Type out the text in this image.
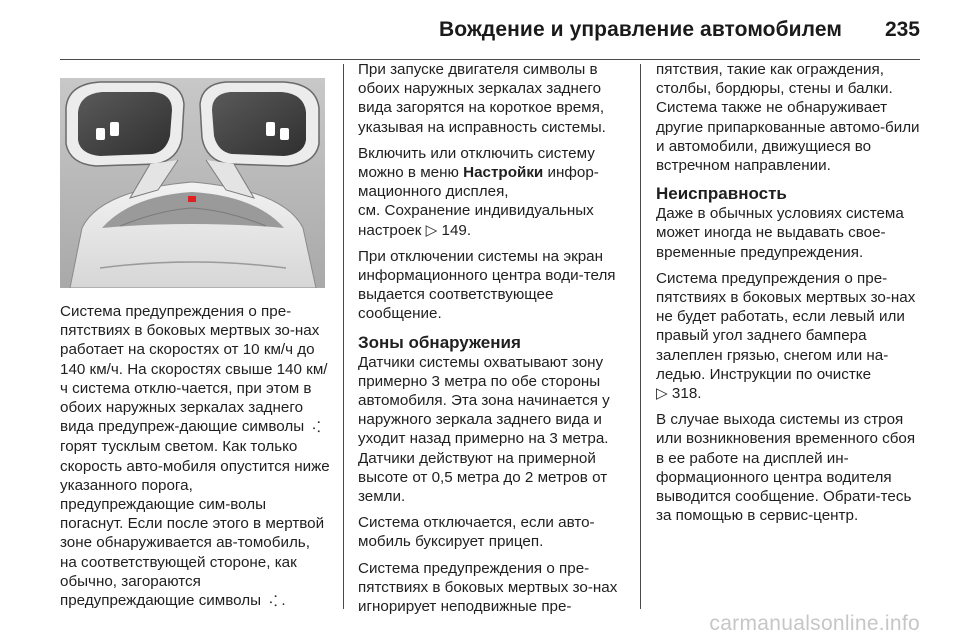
Вождение и управление автомобилем 235

Система предупреждения о пре-пятствиях в боковых мертвых зо-нах работает на скоростях от 10 км/ч до 140 км/ч. На скоростях свыше 140 км/ч система отклю-чается, при этом в обоих наружных зеркалах заднего вида предупреж-дающие символы ⠠⡁ горят тусклым светом. Как только скорость авто-мобиля опустится ниже указанного порога, предупреждающие сим-волы погаснут. Если после этого в мертвой зоне обнаруживается ав-томобиль, на соответствующей стороне, как обычно, загораются предупреждающие символы ⠠⡁.

При запуске двигателя символы в обоих наружных зеркалах заднего вида загорятся на короткое время, указывая на исправность системы.

Включить или отключить систему можно в меню Настройки инфор-мационного дисплея,
см. Сохранение индивидуальных настроек ▷ 149.

При отключении системы на экран информационного центра води-теля выдается соответствующее сообщение.

Зоны обнаружения

Датчики системы охватывают зону примерно 3 метра по обе стороны автомобиля. Эта зона начинается у наружного зеркала заднего вида и уходит назад примерно на 3 метра. Датчики действуют на примерной высоте от 0,5 метра до 2 метров от земли.

Система отключается, если авто-мобиль буксирует прицеп.

Система предупреждения о пре-пятствиях в боковых мертвых зо-нах игнорирует неподвижные пре-

пятствия, такие как ограждения, столбы, бордюры, стены и балки. Система также не обнаруживает другие припаркованные автомо-били и автомобили, движущиеся во встречном направлении.

Неисправность

Даже в обычных условиях система может иногда не выдавать свое-временные предупреждения.

Система предупреждения о пре-пятствиях в боковых мертвых зо-нах не будет работать, если левый или правый угол заднего бампера залеплен грязью, снегом или на-ледью. Инструкции по очистке
▷ 318.

В случае выхода системы из строя или возникновения временного сбоя в ее работе на дисплей ин-формационного центра водителя выводится сообщение. Обрати-тесь за помощью в сервис-центр.

carmanualsonline.info
